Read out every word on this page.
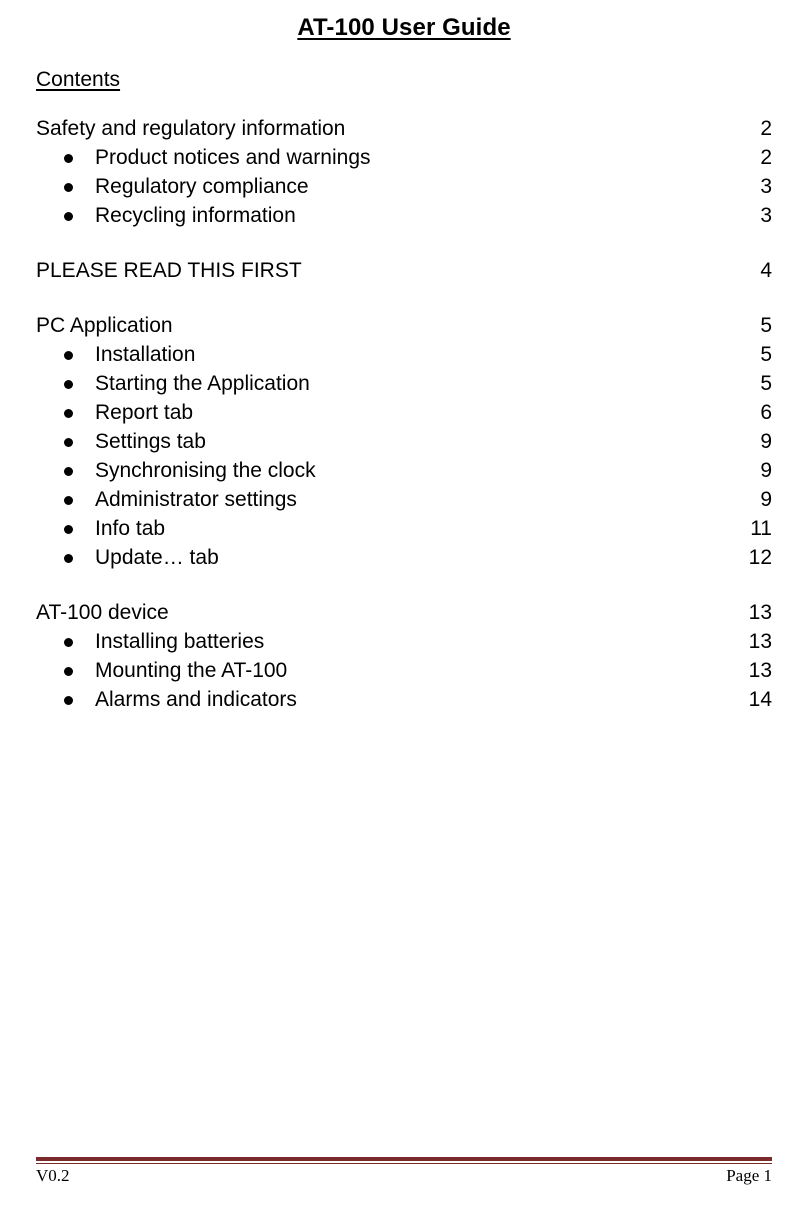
AT-100 User Guide
Contents
Safety and regulatory information	2
Product notices and warnings	2
Regulatory compliance	3
Recycling information	3
PLEASE READ THIS FIRST	4
PC Application	5
Installation	5
Starting the Application	5
Report tab	6
Settings tab	9
Synchronising the clock	9
Administrator settings	9
Info tab	11
Update… tab	12
AT-100 device	13
Installing batteries	13
Mounting the AT-100	13
Alarms and indicators	14
V0.2	Page 1
